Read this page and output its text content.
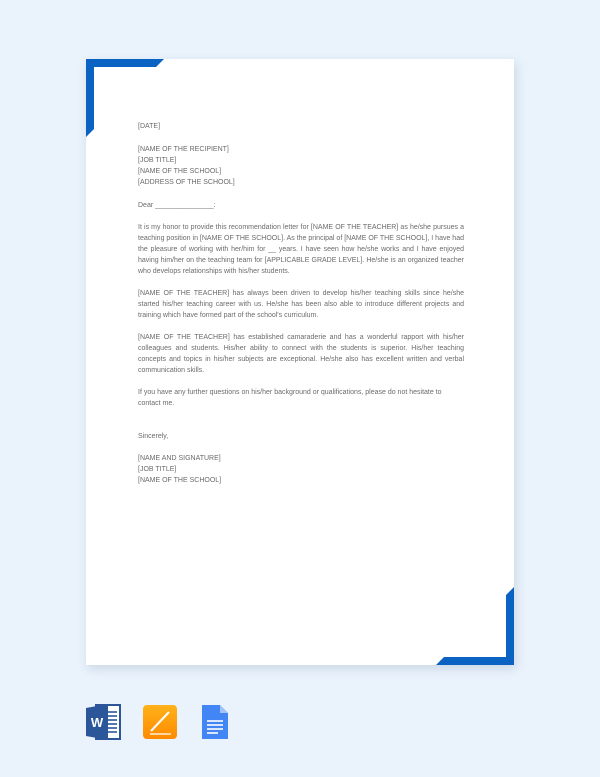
[DATE]

[NAME OF THE RECIPIENT]

[JOB TITLE]

[NAME OF THE SCHOOL]

[ADDRESS OF THE SCHOOL]

Dear _______________:

It is my honor to provide this recommendation letter for [NAME OF THE TEACHER] as he/she pursues a teaching position in [NAME OF THE SCHOOL]. As the principal of [NAME OF THE SCHOOL], I have had the pleasure of working with her/him for __ years. I have seen how he/she works and I have enjoyed having him/her on the teaching team for [APPLICABLE GRADE LEVEL]. He/she is an organized teacher who develops relationships with his/her students.

[NAME OF THE TEACHER] has always been driven to develop his/her teaching skills since he/she started his/her teaching career with us. He/she has been also able to introduce different projects and training which have formed part of the school's curriculum.

[NAME OF THE TEACHER] has established camaraderie and has a wonderful rapport with his/her colleagues and students. His/her ability to connect with the students is superior. His/her teaching concepts and topics in his/her subjects are exceptional. He/she also has excellent written and verbal communication skills.

If you have any further questions on his/her background or qualifications, please do not hesitate to contact me.

Sincerely,

[NAME AND SIGNATURE]

[JOB TITLE]

[NAME OF THE SCHOOL]

W
